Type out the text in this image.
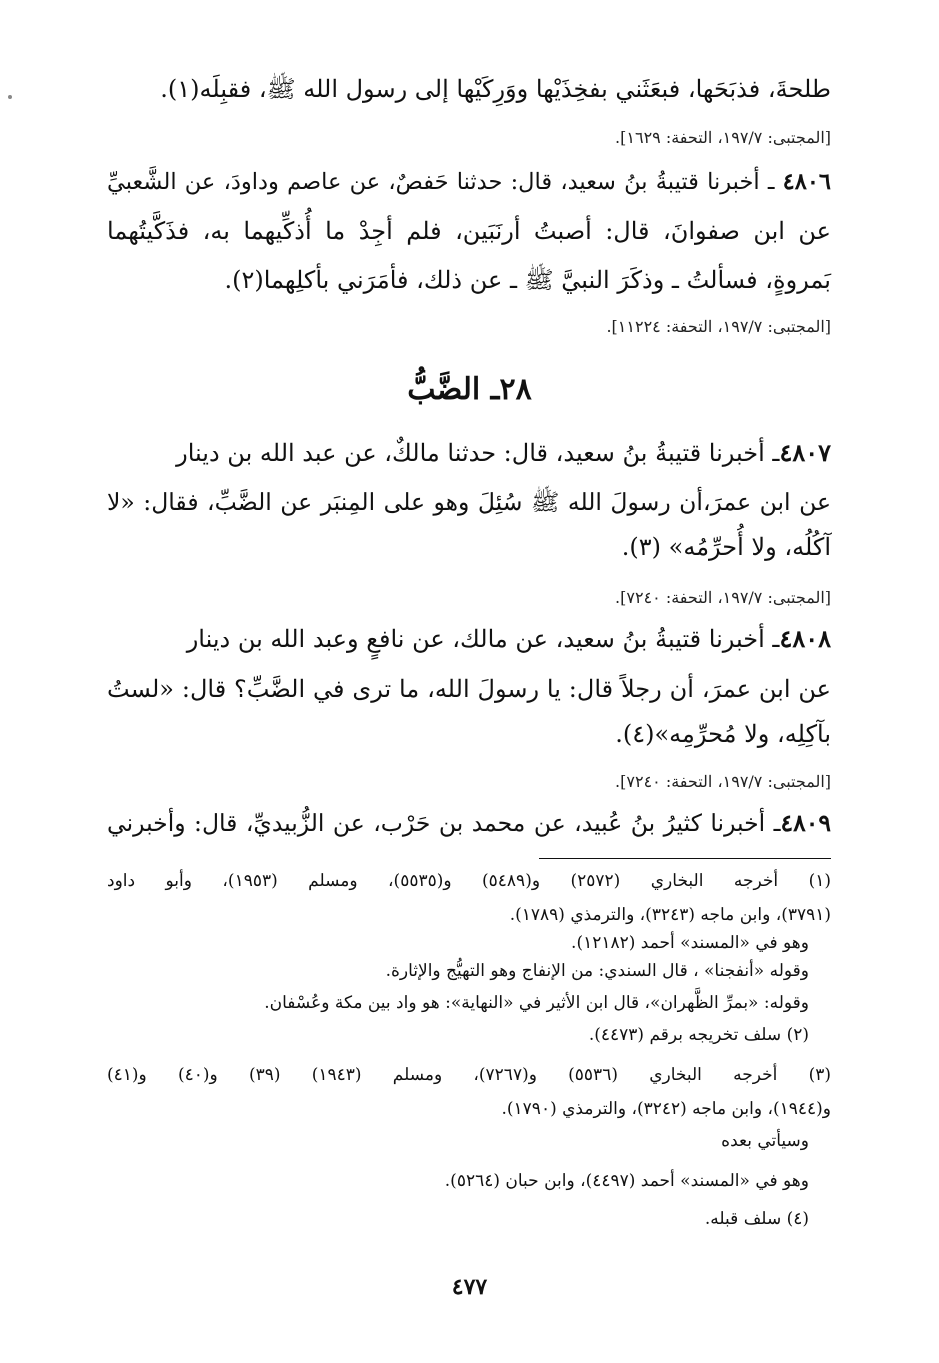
طلحةَ، فذبَحَها، فبعَثَني بفخِذَيْها ووَرِكَيْها إلى رسول الله ﷺ، فقبِلَه(١).
[المجتبى: ١٩٧/٧، التحفة: ١٦٢٩].
٤٨٠٦ ـ أخبرنا قتيبةُ بنُ سعيد، قال: حدثنا حَفصٌ، عن عاصم وداودَ، عن الشَّعبيِّ
عن ابن صفوانَ، قال: أصبتُ أرنَبَين، فلم أجِدْ ما أُذكِّيهما به، فذَكَّيتُهما
بَمروةٍ، فسألتُ ـ وذكَرَ النبيَّ ﷺ ـ عن ذلك، فأمَرَني بأكلِهما(٢).
[المجتبى: ١٩٧/٧، التحفة: ١١٢٢٤].
٢٨ـ الضَّبُّ
٤٨٠٧ـ أخبرنا قتيبةُ بنُ سعيد، قال: حدثنا مالكٌ، عن عبد الله بن دينار
عن ابن عمرَ،أن رسولَ الله ﷺ سُئِلَ وهو على المِنبَر عن الضَّبِّ، فقال: «لا
آكُلُه، ولا أُحرِّمُه» (٣).
[المجتبى: ١٩٧/٧، التحفة: ٧٢٤٠].
٤٨٠٨ـ أخبرنا قتيبةُ بنُ سعيد، عن مالك، عن نافعٍ وعبد الله بن دينار
عن ابن عمرَ، أن رجلاً قال: يا رسولَ الله، ما ترى في الضَّبِّ؟ قال: «لستُ
بآكِلِه، ولا مُحرِّمِه»(٤).
[المجتبى: ١٩٧/٧، التحفة: ٧٢٤٠].
٤٨٠٩ـ أخبرنا كثيرُ بنُ عُبيد، عن محمد بن حَرْب، عن الزُّبيديِّ، قال: وأخبرني
(١) أخرجه البخاري (٢٥٧٢) و(٥٤٨٩) و(٥٥٣٥)، ومسلم (١٩٥٣)، وأبو داود
(٣٧٩١)، وابن ماجه (٣٢٤٣)، والترمذي (١٧٨٩).
وهو في «المسند» أحمد (١٢١٨٢).
وقوله «أنفجنا» ، قال السندي: من الإنفاج وهو التهيُّج والإثارة.
وقوله: «بمرِّ الظَّهران»، قال ابن الأثير في «النهاية»: هو واد بين مكة وعُسْفان.
(٢) سلف تخريجه برقم (٤٤٧٣).
(٣) أخرجه البخاري (٥٥٣٦) و(٧٢٦٧)، ومسلم (١٩٤٣) (٣٩) و(٤٠) و(٤١)
و(١٩٤٤)، وابن ماجه (٣٢٤٢)، والترمذي (١٧٩٠).
وسيأتي بعده
وهو في «المسند» أحمد (٤٤٩٧)، وابن حبان (٥٢٦٤).
(٤) سلف قبله.
٤٧٧
